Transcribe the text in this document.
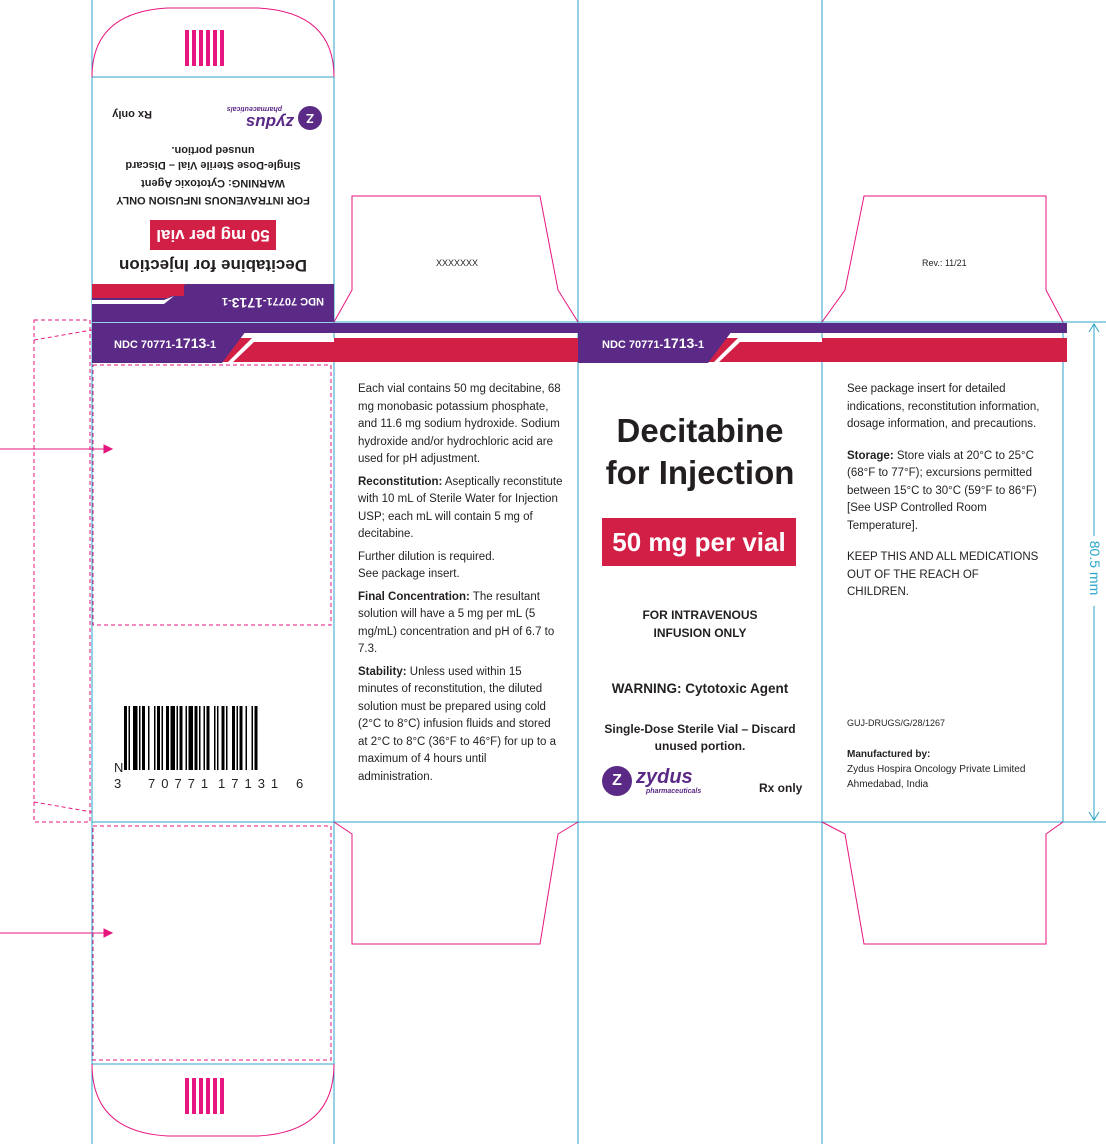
NDC 70771-1713-1
Decitabine for Injection
50 mg per vial
FOR INTRAVENOUS INFUSION ONLY
WARNING: Cytotoxic Agent
Single-Dose Sterile Vial – Discard
unused portion.
Z
zydus
pharmaceuticals
Rx only
XXXXXXX	Rev.: 11/21
NDC 70771-1713-1	NDC 70771-1713-1
N
3 70771 17131 6

Each vial contains 50 mg decitabine, 68 mg monobasic potassium phosphate, and 11.6 mg sodium hydroxide. Sodium hydroxide and/or hydrochloric acid are used for pH adjustment.

Reconstitution: Aseptically reconstitute with 10 mL of Sterile Water for Injection USP; each mL will contain 5 mg of decitabine.

Further dilution is required.
See package insert.

Final Concentration: The resultant solution will have a 5 mg per mL (5 mg/mL) concentration and pH of 6.7 to 7.3.

Stability: Unless used within 15 minutes of reconstitution, the diluted solution must be prepared using cold (2°C to 8°C) infusion fluids and stored at 2°C to 8°C (36°F to 46°F) for up to a maximum of 4 hours until administration.

Decitabine
for Injection
50 mg per vial
FOR INTRAVENOUS
INFUSION ONLY
WARNING: Cytotoxic Agent
Single-Dose Sterile Vial – Discard
unused portion.
Z zydus
pharmaceuticals	Rx only

See package insert for detailed indications, reconstitution information, dosage information, and precautions.

Storage: Store vials at 20°C to 25°C (68°F to 77°F); excursions permitted between 15°C to 30°C (59°F to 86°F) [See USP Controlled Room Temperature].

KEEP THIS AND ALL MEDICATIONS OUT OF THE REACH OF CHILDREN.

GUJ-DRUGS/G/28/1267
Manufactured by:
Zydus Hospira Oncology Private Limited
Ahmedabad, India
80.5 mm
